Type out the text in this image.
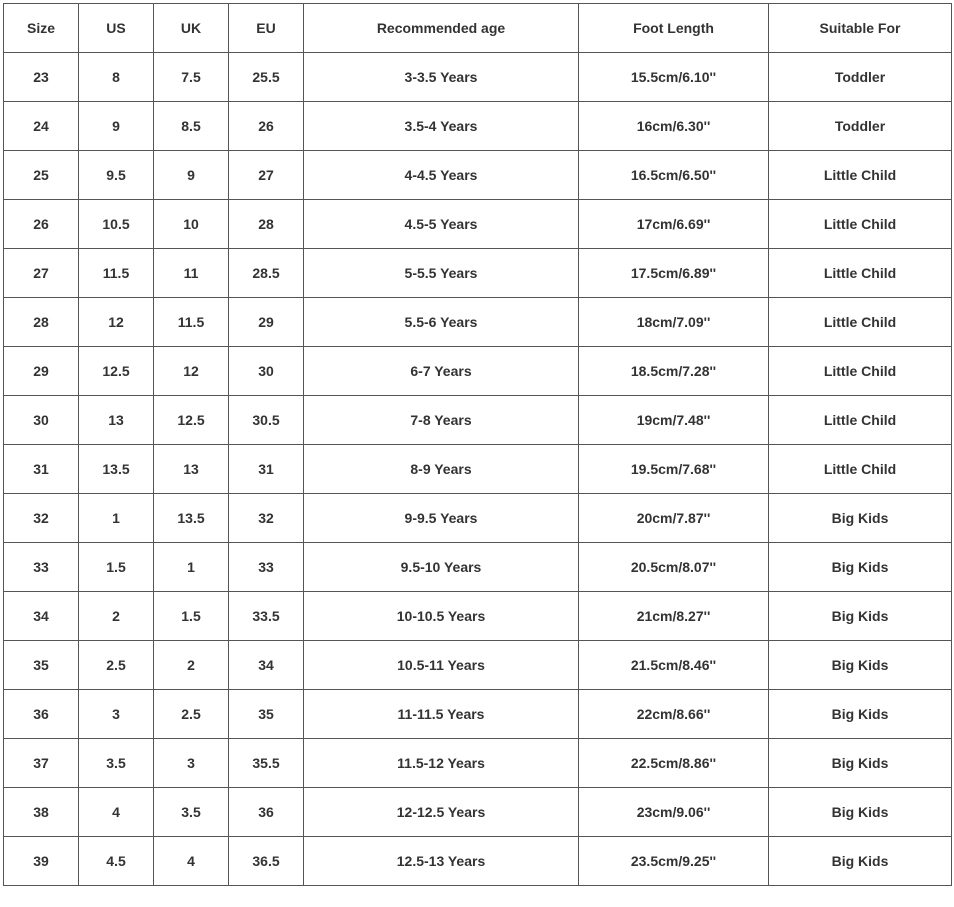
Size	US	UK	EU	Recommended age	Foot Length	Suitable For
23	8	7.5	25.5	3-3.5 Years	15.5cm/6.10''	Toddler
24	9	8.5	26	3.5-4 Years	16cm/6.30''	Toddler
25	9.5	9	27	4-4.5 Years	16.5cm/6.50''	Little Child
26	10.5	10	28	4.5-5 Years	17cm/6.69''	Little Child
27	11.5	11	28.5	5-5.5 Years	17.5cm/6.89''	Little Child
28	12	11.5	29	5.5-6 Years	18cm/7.09''	Little Child
29	12.5	12	30	6-7 Years	18.5cm/7.28''	Little Child
30	13	12.5	30.5	7-8 Years	19cm/7.48''	Little Child
31	13.5	13	31	8-9 Years	19.5cm/7.68''	Little Child
32	1	13.5	32	9-9.5 Years	20cm/7.87''	Big Kids
33	1.5	1	33	9.5-10 Years	20.5cm/8.07''	Big Kids
34	2	1.5	33.5	10-10.5 Years	21cm/8.27''	Big Kids
35	2.5	2	34	10.5-11 Years	21.5cm/8.46''	Big Kids
36	3	2.5	35	11-11.5 Years	22cm/8.66''	Big Kids
37	3.5	3	35.5	11.5-12 Years	22.5cm/8.86''	Big Kids
38	4	3.5	36	12-12.5 Years	23cm/9.06''	Big Kids
39	4.5	4	36.5	12.5-13 Years	23.5cm/9.25''	Big Kids
